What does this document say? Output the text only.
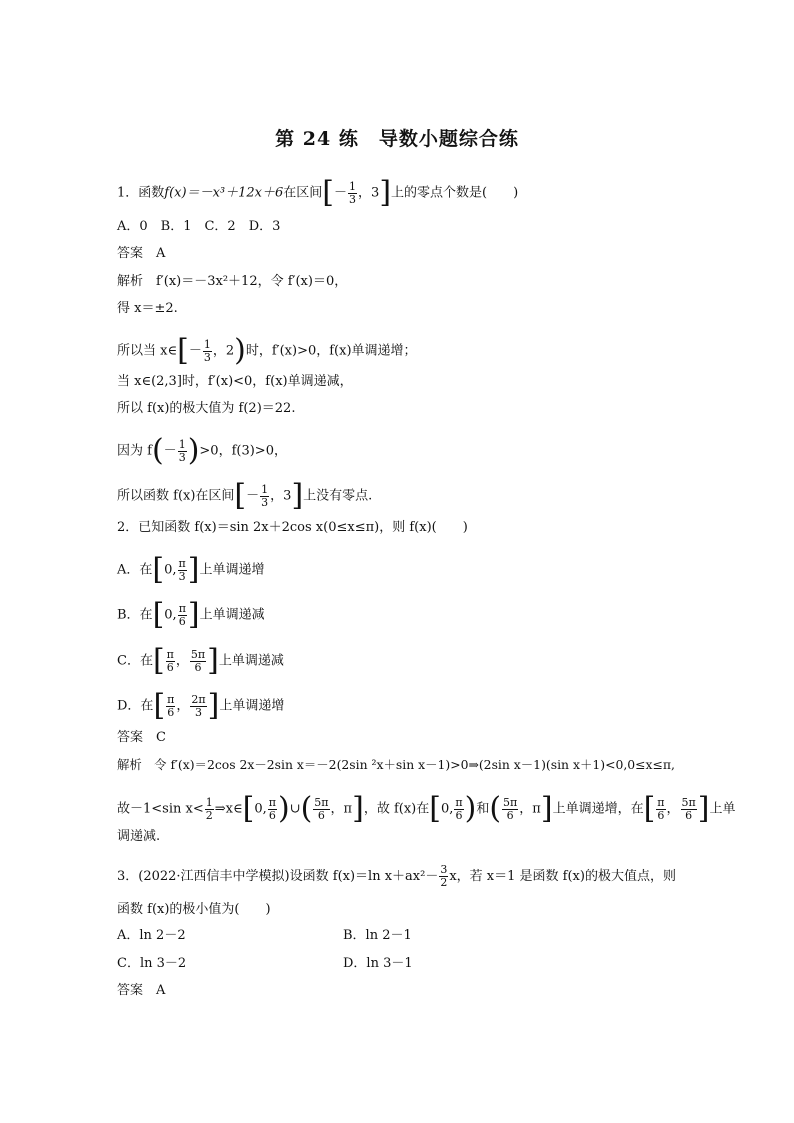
第 24 练　导数小题综合练
1．函数f(x)＝－x³＋12x＋6在区间[－ $\frac{1}{3}$ ，3]上的零点个数是(　　)
A．0　B．1　C．2　D．3
答案　A
解析　f′(x)＝－3x²＋12，令 f′(x)＝0，
得 x＝±2.
所以当 x∈[－ $\frac{1}{3}$ ，2)时，f′(x)>0，f(x)单调递增；
当 x∈(2,3]时，f′(x)<0，f(x)单调递减，
所以 f(x)的极大值为 f(2)＝22.
因为 $f(- \frac{1}{3} )>0$，f(3)>0，
所以函数 f(x)在区间[－ $\frac{1}{3}$ ，3]上没有零点.
2．已知函数 f(x)＝sin 2x＋2cos x(0≤x≤π)，则 f(x)(　　)
A．在[0, $\frac{\pi}{3}$ ]上单调递增
B．在[0, $\frac{\pi}{6}$ ]上单调递减
C．在[ $\frac{\pi}{6}$ ， $\frac{5\pi}{6}$ ]上单调递减
D．在[ $\frac{\pi}{6}$ ， $\frac{2\pi}{3}$ ]上单调递增
答案　C
解析　令 f′(x)＝2cos 2x－2sin x＝－2(2sin ²x＋sin x－1)>0⇒(2sin x－1)(sin x＋1)<0,0≤x≤π,
故－1<sin $x< \frac{1}{2}$ ⇒x∈[0, $\frac{\pi}{6}$ )∪( $\frac{5\pi}{6}$ ，π]，故 f(x)在[0, $\frac{\pi}{6}$ )和( $\frac{5\pi}{6}$ ，π]上单调递增，在[ $\frac{\pi}{6}$ ， $\frac{5\pi}{6}$ ]上单
调递减.
3．(2022·江西信丰中学模拟)设函数 f(x)＝ln $x+ax^2- \frac{3}{2}$ x，若 x＝1 是函数 f(x)的极大值点，则
函数 f(x)的极小值为(　　)
A．ln 2－2	B．ln 2－1
C．ln 3－2	D．ln 3－1
答案　A
